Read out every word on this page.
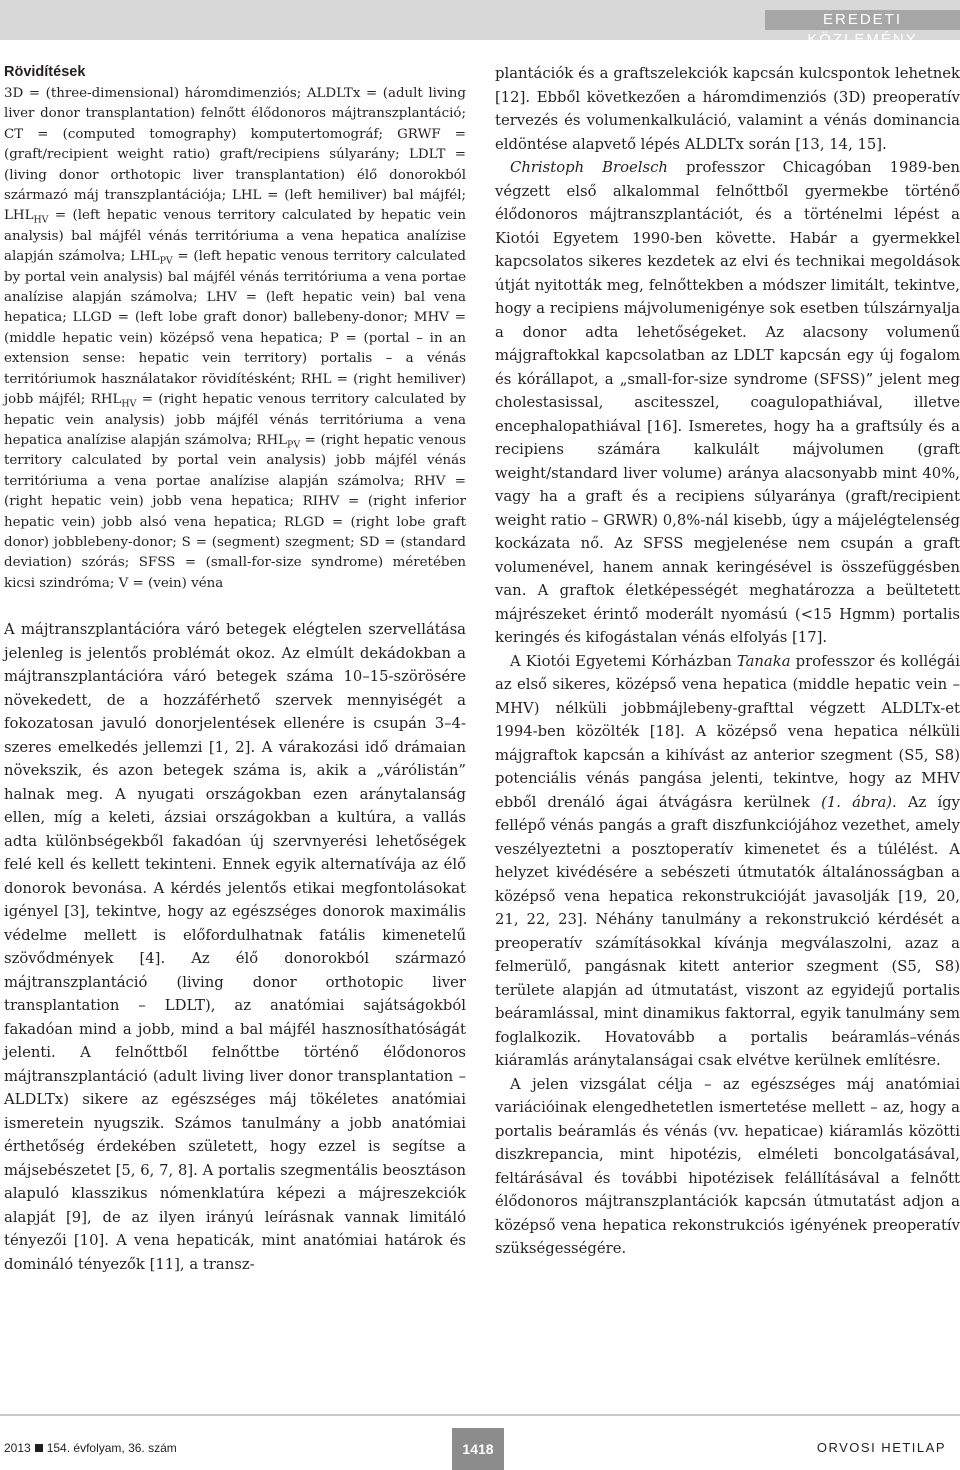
EREDETI KÖZLEMÉNY
Rövidítések

3D = (three-dimensional) háromdimenziós; ALDLTx = (adult living liver donor transplantation) felnőtt élődonoros májtranszplantáció; CT = (computed tomography) komputertomográf; GRWF = (graft/recipient weight ratio) graft/recipiens súlyarány; LDLT = (living donor orthotopic liver transplantation) élő donorokból származó máj transzplantációja; LHL = (left hemiliver) bal májfél; $LHL_{HV}$ = (left hepatic venous territory calculated by hepatic vein analysis) bal májfél vénás territóriuma a vena hepatica analízise alapján számolva; $LHL_{PV}$ = (left hepatic venous territory calculated by portal vein analysis) bal májfél vénás territóriuma a vena portae analízise alapján számolva; LHV = (left hepatic vein) bal vena hepatica; LLGD = (left lobe graft donor) ballebeny-donor; MHV = (middle hepatic vein) középső vena hepatica; P = (portal – in an extension sense: hepatic vein territory) portalis – a vénás territóriumok használatakor rövidítésként; RHL = (right hemiliver) jobb májfél; $RHL_{HV}$ = (right hepatic venous territory calculated by hepatic vein analysis) jobb májfél vénás territóriuma a vena hepatica analízise alapján számolva; $RHL_{PV}$ = (right hepatic venous territory calculated by portal vein analysis) jobb májfél vénás territóriuma a vena portae analízise alapján számolva; RHV = (right hepatic vein) jobb vena hepatica; RIHV = (right inferior hepatic vein) jobb alsó vena hepatica; RLGD = (right lobe graft donor) jobblebeny-donor; S = (segment) szegment; SD = (standard deviation) szórás; SFSS = (small-for-size syndrome) méretében kicsi szindróma; V = (vein) véna

A májtranszplantációra váró betegek elégtelen szervellátása jelenleg is jelentős problémát okoz. Az elmúlt dekádokban a májtranszplantációra váró betegek száma 10–15-szörösére növekedett, de a hozzáférhető szervek mennyiségét a fokozatosan javuló donorjelentések ellenére is csupán 3–4-szeres emelkedés jellemzi [1, 2]. A várakozási idő drámaian növekszik, és azon betegek száma is, akik a „várólistán” halnak meg. A nyugati országokban ezen aránytalanság ellen, míg a keleti, ázsiai országokban a kultúra, a vallás adta különbségekből fakadóan új szervnyerési lehetőségek felé kell és kellett tekinteni. Ennek egyik alternatívája az élő donorok bevonása. A kérdés jelentős etikai megfontolásokat igényel [3], tekintve, hogy az egészséges donorok maximális védelme mellett is előfordulhatnak fatális kimenetelű szövődmények [4]. Az élő donorokból származó májtranszplantáció (living donor orthotopic liver transplantation – LDLT), az anatómiai sajátságokból fakadóan mind a jobb, mind a bal májfél hasznosíthatóságát jelenti. A felnőttből felnőttbe történő élődonoros májtranszplantáció (adult living liver donor transplantation – ALDLTx) sikere az egészséges máj tökéletes anatómiai ismeretein nyugszik. Számos tanulmány a jobb anatómiai érthetőség érdekében született, hogy ezzel is segítse a májsebészetet [5, 6, 7, 8]. A portalis szegmentális beosztáson alapuló klasszikus nómenklatúra képezi a májreszekciók alapját [9], de az ilyen irányú leírásnak vannak limitáló tényezői [10]. A vena hepaticák, mint anatómiai határok és domináló tényezők [11], a transz-

plantációk és a graftszelekciók kapcsán kulcspontok lehetnek [12]. Ebből következően a háromdimenziós (3D) preoperatív tervezés és volumenkalkuláció, valamint a vénás dominancia eldöntése alapvető lépés ALDLTx során [13, 14, 15].

Christoph Broelsch professzor Chicagóban 1989-ben végzett első alkalommal felnőttből gyermekbe történő élődonoros májtranszplantációt, és a történelmi lépést a Kiotói Egyetem 1990-ben követte. Habár a gyermekkel kapcsolatos sikeres kezdetek az elvi és technikai megoldások útját nyitották meg, felnőttekben a módszer limitált, tekintve, hogy a recipiens májvolumenigénye sok esetben túlszárnyalja a donor adta lehetőségeket. Az alacsony volumenű májgraftokkal kapcsolatban az LDLT kapcsán egy új fogalom és kórállapot, a „small-for-size syndrome (SFSS)” jelent meg cholestasissal, ascitesszel, coagulopathiával, illetve encephalopathiával [16]. Ismeretes, hogy ha a graftsúly és a recipiens számára kalkulált májvolumen (graft weight/standard liver volume) aránya alacsonyabb mint 40%, vagy ha a graft és a recipiens súlyaránya (graft/recipient weight ratio – GRWR) 0,8%-nál kisebb, úgy a májelégtelenség kockázata nő. Az SFSS megjelenése nem csupán a graft volumenével, hanem annak keringésével is összefüggésben van. A graftok életképességét meghatározza a beültetett májrészeket érintő moderált nyomású (<15 Hgmm) portalis keringés és kifogástalan vénás elfolyás [17].

A Kiotói Egyetemi Kórházban Tanaka professzor és kollégái az első sikeres, középső vena hepatica (middle hepatic vein – MHV) nélküli jobbmájlebeny-grafttal végzett ALDLTx-et 1994-ben közölték [18]. A középső vena hepatica nélküli májgraftok kapcsán a kihívást az anterior szegment (S5, S8) potenciális vénás pangása jelenti, tekintve, hogy az MHV ebből drenáló ágai átvágásra kerülnek (1. ábra). Az így fellépő vénás pangás a graft diszfunkciójához vezethet, amely veszélyeztetni a posztoperatív kimenetet és a túlélést. A helyzet kivédésére a sebészeti útmutatók általánosságban a középső vena hepatica rekonstrukcióját javasolják [19, 20, 21, 22, 23]. Néhány tanulmány a rekonstrukció kérdését a preoperatív számításokkal kívánja megválaszolni, azaz a felmerülő, pangásnak kitett anterior szegment (S5, S8) területe alapján ad útmutatást, viszont az egyidejű portalis beáramlással, mint dinamikus faktorral, egyik tanulmány sem foglalkozik. Hovatovább a portalis beáramlás–vénás kiáramlás aránytalanságai csak elvétve kerülnek említésre.

A jelen vizsgálat célja – az egészséges máj anatómiai variációinak elengedhetetlen ismertetése mellett – az, hogy a portalis beáramlás és vénás (vv. hepaticae) kiáramlás közötti diszkrepancia, mint hipotézis, elméleti boncolgatásával, feltárásával és további hipotézisek felállításával a felnőtt élődonoros májtranszplantációk kapcsán útmutatást adjon a középső vena hepatica rekonstrukciós igényének preoperatív szükségességére.

2013 154. évfolyam, 36. szám	1418	ORVOSI HETILAP
